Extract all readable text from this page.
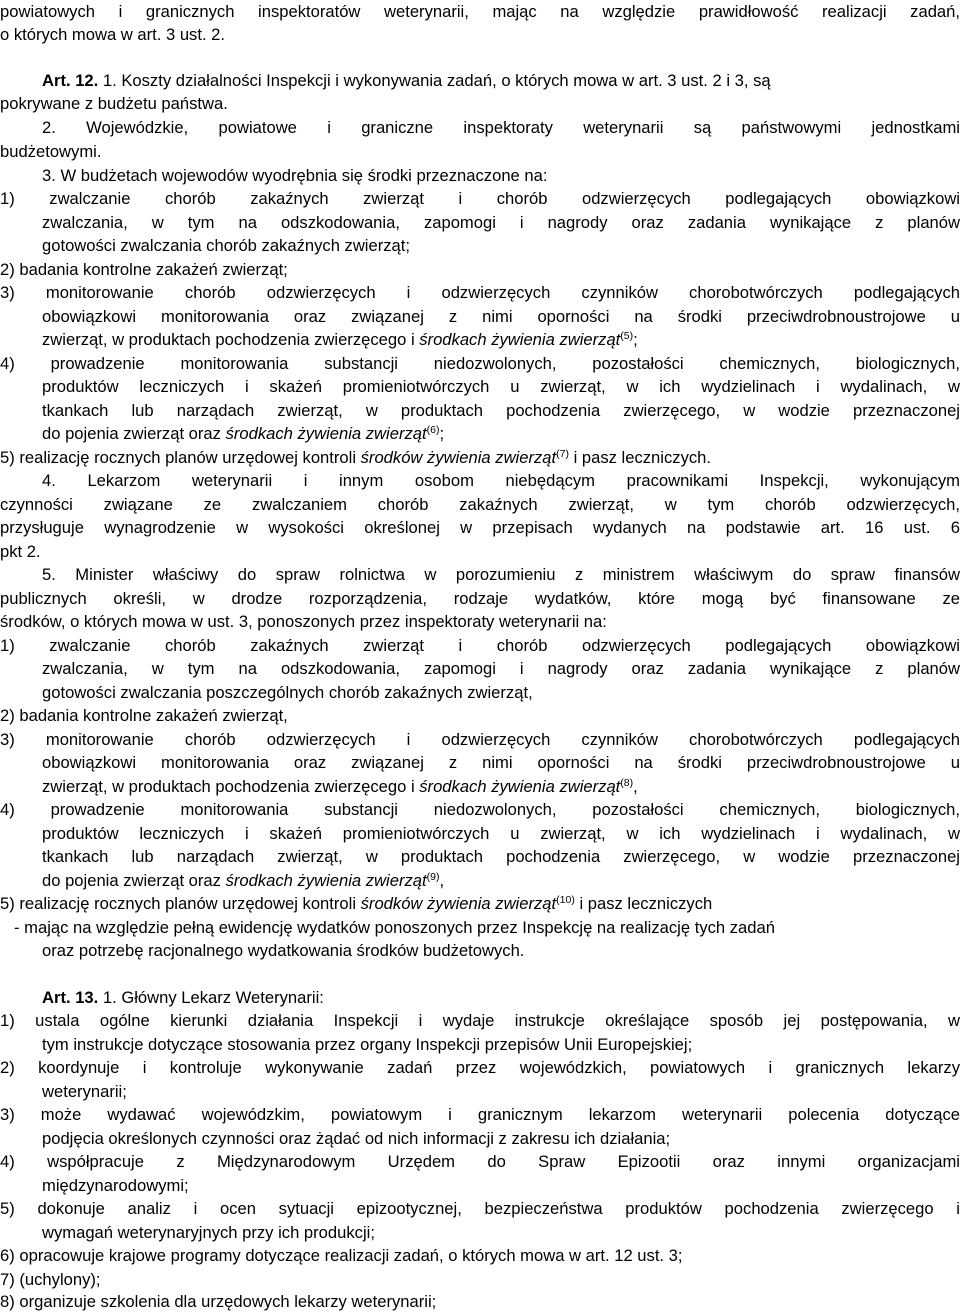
powiatowych i granicznych inspektoratów weterynarii, mając na względzie prawidłowość realizacji zadań,
o których mowa w art. 3 ust. 2.
Art. 12. 1. Koszty działalności Inspekcji i wykonywania zadań, o których mowa w art. 3 ust. 2 i 3, są
pokrywane z budżetu państwa.
2. Wojewódzkie, powiatowe i graniczne inspektoraty weterynarii są państwowymi jednostkami
budżetowymi.
3. W budżetach wojewodów wyodrębnia się środki przeznaczone na:
1) zwalczanie chorób zakaźnych zwierząt i chorób odzwierzęcych podlegających obowiązkowi
zwalczania, w tym na odszkodowania, zapomogi i nagrody oraz zadania wynikające z planów
gotowości zwalczania chorób zakaźnych zwierząt;
2) badania kontrolne zakażeń zwierząt;
3) monitorowanie chorób odzwierzęcych i odzwierzęcych czynników chorobotwórczych podlegających
obowiązkowi monitorowania oraz związanej z nimi oporności na środki przeciwdrobnoustrojowe u
zwierząt, w produktach pochodzenia zwierzęcego i środkach żywienia zwierząt$^{(5)}$;
4) prowadzenie monitorowania substancji niedozwolonych, pozostałości chemicznych, biologicznych,
produktów leczniczych i skażeń promieniotwórczych u zwierząt, w ich wydzielinach i wydalinach, w
tkankach lub narządach zwierząt, w produktach pochodzenia zwierzęcego, w wodzie przeznaczonej
do pojenia zwierząt oraz środkach żywienia zwierząt$^{(6)}$;
5) realizację rocznych planów urzędowej kontroli środków żywienia zwierząt$^{(7)}$ i pasz leczniczych.
4. Lekarzom weterynarii i innym osobom niebędącym pracownikami Inspekcji, wykonującym
czynności związane ze zwalczaniem chorób zakaźnych zwierząt, w tym chorób odzwierzęcych,
przysługuje wynagrodzenie w wysokości określonej w przepisach wydanych na podstawie art. 16 ust. 6
pkt 2.
5. Minister właściwy do spraw rolnictwa w porozumieniu z ministrem właściwym do spraw finansów
publicznych określi, w drodze rozporządzenia, rodzaje wydatków, które mogą być finansowane ze
środków, o których mowa w ust. 3, ponoszonych przez inspektoraty weterynarii na:
1) zwalczanie chorób zakaźnych zwierząt i chorób odzwierzęcych podlegających obowiązkowi
zwalczania, w tym na odszkodowania, zapomogi i nagrody oraz zadania wynikające z planów
gotowości zwalczania poszczególnych chorób zakaźnych zwierząt,
2) badania kontrolne zakażeń zwierząt,
3) monitorowanie chorób odzwierzęcych i odzwierzęcych czynników chorobotwórczych podlegających
obowiązkowi monitorowania oraz związanej z nimi oporności na środki przeciwdrobnoustrojowe u
zwierząt, w produktach pochodzenia zwierzęcego i środkach żywienia zwierząt$^{(8)}$,
4) prowadzenie monitorowania substancji niedozwolonych, pozostałości chemicznych, biologicznych,
produktów leczniczych i skażeń promieniotwórczych u zwierząt, w ich wydzielinach i wydalinach, w
tkankach lub narządach zwierząt, w produktach pochodzenia zwierzęcego, w wodzie przeznaczonej
do pojenia zwierząt oraz środkach żywienia zwierząt$^{(9)}$,
5) realizację rocznych planów urzędowej kontroli środków żywienia zwierząt$^{(10)}$ i pasz leczniczych
- mając na względzie pełną ewidencję wydatków ponoszonych przez Inspekcję na realizację tych zadań
oraz potrzebę racjonalnego wydatkowania środków budżetowych.
Art. 13. 1. Główny Lekarz Weterynarii:
1) ustala ogólne kierunki działania Inspekcji i wydaje instrukcje określające sposób jej postępowania, w
tym instrukcje dotyczące stosowania przez organy Inspekcji przepisów Unii Europejskiej;
2) koordynuje i kontroluje wykonywanie zadań przez wojewódzkich, powiatowych i granicznych lekarzy
weterynarii;
3) może wydawać wojewódzkim, powiatowym i granicznym lekarzom weterynarii polecenia dotyczące
podjęcia określonych czynności oraz żądać od nich informacji z zakresu ich działania;
4) współpracuje z Międzynarodowym Urzędem do Spraw Epizootii oraz innymi organizacjami
międzynarodowymi;
5) dokonuje analiz i ocen sytuacji epizootycznej, bezpieczeństwa produktów pochodzenia zwierzęcego i
wymagań weterynaryjnych przy ich produkcji;
6) opracowuje krajowe programy dotyczące realizacji zadań, o których mowa w art. 12 ust. 3;
7) (uchylony);
8) organizuje szkolenia dla urzędowych lekarzy weterynarii;
